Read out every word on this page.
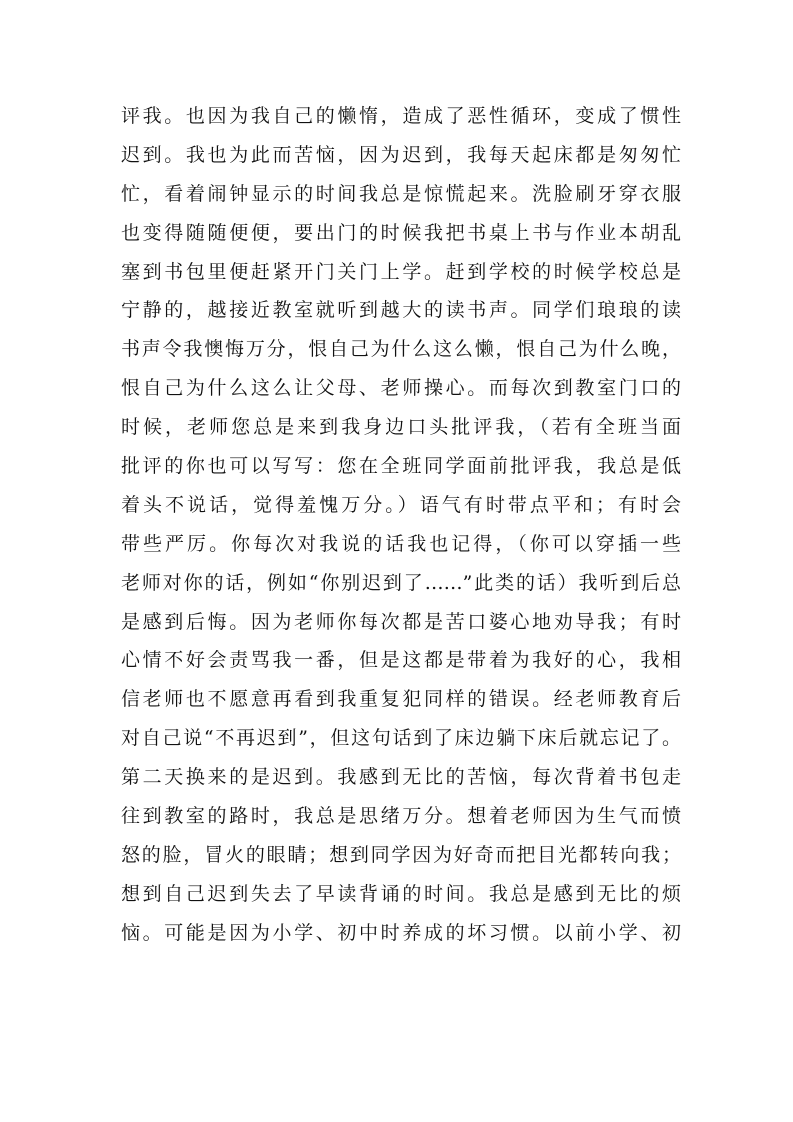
评我。也因为我自己的懒惰，造成了恶性循环，变成了惯性
迟到。我也为此而苦恼，因为迟到，我每天起床都是匆匆忙
忙，看着闹钟显示的时间我总是惊慌起来。洗脸刷牙穿衣服
也变得随随便便，要出门的时候我把书桌上书与作业本胡乱
塞到书包里便赶紧开门关门上学。赶到学校的时候学校总是
宁静的，越接近教室就听到越大的读书声。同学们琅琅的读
书声令我懊悔万分，恨自己为什么这么懒，恨自己为什么晚，
恨自己为什么这么让父母、老师操心。而每次到教室门口的
时候，老师您总是来到我身边口头批评我，（若有全班当面
批评的你也可以写写：您在全班同学面前批评我，我总是低
着头不说话，觉得羞愧万分。）语气有时带点平和；有时会
带些严厉。你每次对我说的话我也记得，（你可以穿插一些
老师对你的话，例如“你别迟到了……”此类的话）我听到后总
是感到后悔。因为老师你每次都是苦口婆心地劝导我；有时
心情不好会责骂我一番，但是这都是带着为我好的心，我相
信老师也不愿意再看到我重复犯同样的错误。经老师教育后
对自己说“不再迟到”，但这句话到了床边躺下床后就忘记了。
第二天换来的是迟到。我感到无比的苦恼，每次背着书包走
往到教室的路时，我总是思绪万分。想着老师因为生气而愤
怒的脸，冒火的眼睛；想到同学因为好奇而把目光都转向我；
想到自己迟到失去了早读背诵的时间。我总是感到无比的烦
恼。可能是因为小学、初中时养成的坏习惯。以前小学、初
